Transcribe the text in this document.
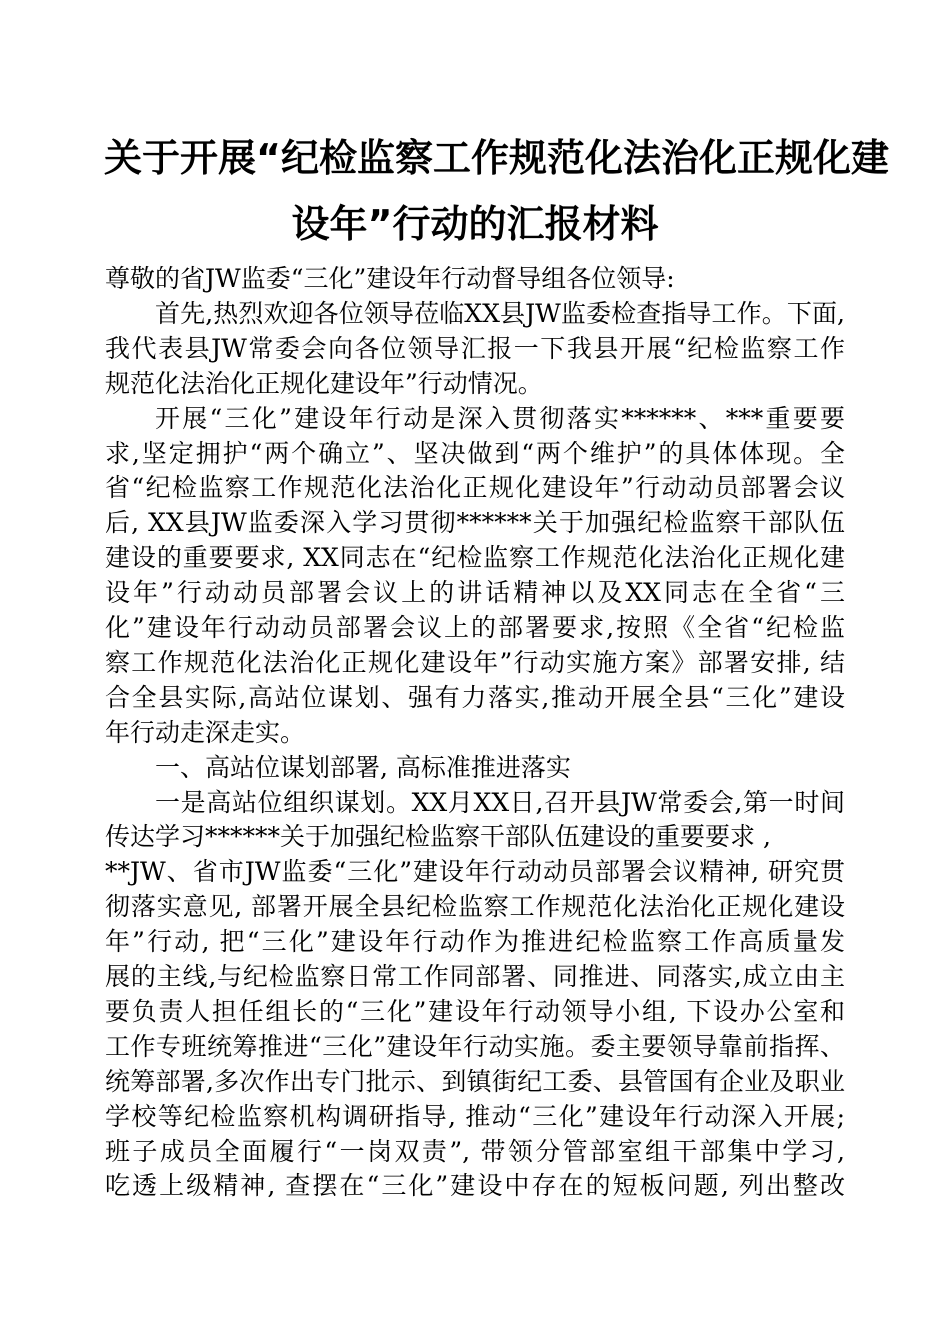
关于开展“纪检监察工作规范化法治化正规化建
设年”行动的汇报材料
尊敬的省JW监委“三化”建设年行动督导组各位领导:
首先,热烈欢迎各位领导莅临XX县JW监委检查指导工作。下面,
我代表县JW常委会向各位领导汇报一下我县开展“纪检监察工作
规范化法治化正规化建设年”行动情况。
开展“三化”建设年行动是深入贯彻落实******、***重要要
求,坚定拥护“两个确立”、坚决做到“两个维护”的具体体现。全
省“纪检监察工作规范化法治化正规化建设年”行动动员部署会议
后, XX县JW监委深入学习贯彻******关于加强纪检监察干部队伍
建设的重要要求, XX同志在“纪检监察工作规范化法治化正规化建
设年”行动动员部署会议上的讲话精神以及XX同志在全省“三
化”建设年行动动员部署会议上的部署要求,按照《全省“纪检监
察工作规范化法治化正规化建设年”行动实施方案》部署安排, 结
合全县实际,高站位谋划、强有力落实,推动开展全县“三化”建设
年行动走深走实。
一、高站位谋划部署, 高标准推进落实
一是高站位组织谋划。XX月XX日,召开县JW常委会,第一时间
传达学习******关于加强纪检监察干部队伍建设的重要要求 ,
**JW、省市JW监委“三化”建设年行动动员部署会议精神, 研究贯
彻落实意见, 部署开展全县纪检监察工作规范化法治化正规化建设
年”行动, 把“三化”建设年行动作为推进纪检监察工作高质量发
展的主线,与纪检监察日常工作同部署、同推进、同落实,成立由主
要负责人担任组长的“三化”建设年行动领导小组, 下设办公室和
工作专班统筹推进“三化”建设年行动实施。委主要领导靠前指挥、
统筹部署,多次作出专门批示、到镇街纪工委、县管国有企业及职业
学校等纪检监察机构调研指导, 推动“三化”建设年行动深入开展;
班子成员全面履行“一岗双责”, 带领分管部室组干部集中学习,
吃透上级精神, 查摆在“三化”建设中存在的短板问题, 列出整改
